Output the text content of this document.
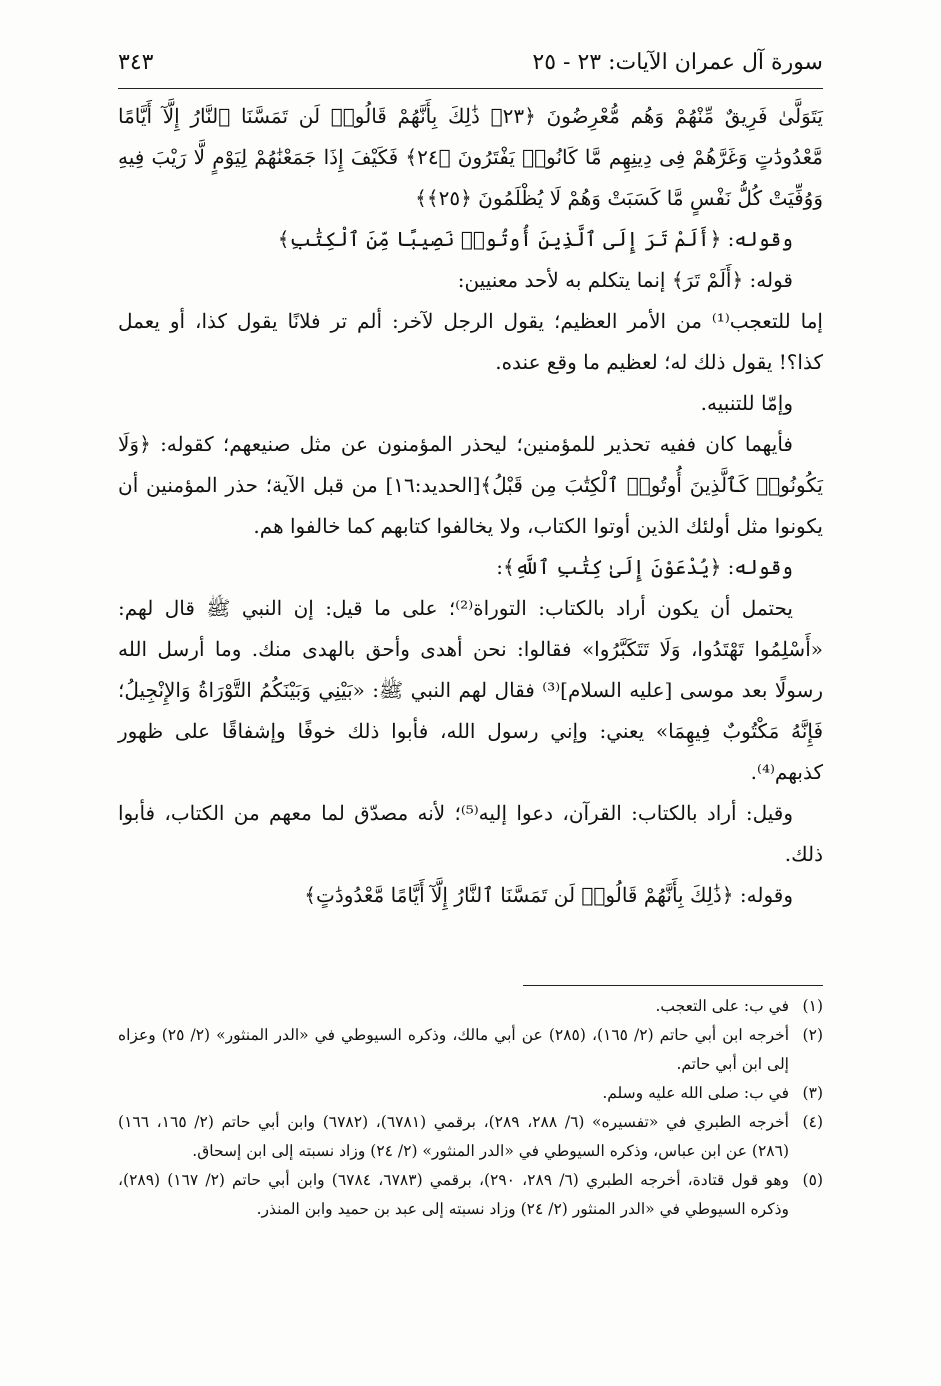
٣٤٣	سورة آل عمران الآيات: ٢٣ - ٢٥

يَتَوَلَّىٰ فَرِيقٌ مِّنْهُمْ وَهُم مُّعْرِضُونَ ﴿٢٣﴾ ذَٰلِكَ بِأَنَّهُمْ قَالُوا۟ لَن تَمَسَّنَا ٱلنَّارُ إِلَّآ أَيَّامًا مَّعْدُودَٰتٍ وَغَرَّهُمْ فِى دِينِهِم مَّا كَانُوا۟ يَفْتَرُونَ ﴿٢٤﴾ فَكَيْفَ إِذَا جَمَعْنَٰهُمْ لِيَوْمٍ لَّا رَيْبَ فِيهِ وَوُفِّيَتْ كُلُّ نَفْسٍ مَّا كَسَبَتْ وَهُمْ لَا يُظْلَمُونَ ﴿٢٥﴾﴾

وقوله: ﴿أَلَمْ تَرَ إِلَى ٱلَّذِينَ أُوتُوا۟ نَصِيبًا مِّنَ ٱلْكِتَٰبِ﴾

قوله: ﴿أَلَمْ تَرَ﴾ إنما يتكلم به لأحد معنيين:

إما للتعجب⁽¹⁾ من الأمر العظيم؛ يقول الرجل لآخر: ألم تر فلانًا يقول كذا، أو يعمل كذا؟! يقول ذلك له؛ لعظيم ما وقع عنده.

وإمّا للتنبيه.

فأيهما كان ففيه تحذير للمؤمنين؛ ليحذر المؤمنون عن مثل صنيعهم؛ كقوله: ﴿وَلَا يَكُونُوا۟ كَٱلَّذِينَ أُوتُوا۟ ٱلْكِتَٰبَ مِن قَبْلُ﴾[الحديد:١٦] من قبل الآية؛ حذر المؤمنين أن يكونوا مثل أولئك الذين أوتوا الكتاب، ولا يخالفوا كتابهم كما خالفوا هم.

وقوله: ﴿يُدْعَوْنَ إِلَىٰ كِتَٰبِ ٱللَّهِ﴾:

يحتمل أن يكون أراد بالكتاب: التوراة⁽²⁾؛ على ما قيل: إن النبي ﷺ قال لهم: «أَسْلِمُوا تَهْتَدُوا، وَلَا تَتَكَبَّرُوا» فقالوا: نحن أهدى وأحق بالهدى منك. وما أرسل الله رسولًا بعد موسى [عليه السلام]⁽³⁾ فقال لهم النبي ﷺ: «بَيْنِي وَبَيْنَكُمُ التَّوْرَاةُ وَالإِنْجِيلُ؛ فَإِنَّهُ مَكْتُوبٌ فِيهِمَا» يعني: وإني رسول الله، فأبوا ذلك خوفًا وإشفاقًا على ظهور كذبهم⁽⁴⁾.

وقيل: أراد بالكتاب: القرآن، دعوا إليه⁽⁵⁾؛ لأنه مصدّق لما معهم من الكتاب، فأبوا ذلك.

وقوله: ﴿ذَٰلِكَ بِأَنَّهُمْ قَالُوا۟ لَن تَمَسَّنَا ٱلنَّارُ إِلَّآ أَيَّامًا مَّعْدُودَٰتٍ﴾

(١)
في ب: على التعجب.
(٢)
أخرجه ابن أبي حاتم (٢/ ١٦٥)، (٢٨٥) عن أبي مالك، وذكره السيوطي في «الدر المنثور» (٢/ ٢٥) وعزاه إلى ابن أبي حاتم.
(٣)
في ب: صلى الله عليه وسلم.
(٤)
أخرجه الطبري في «تفسيره» (٦/ ٢٨٨، ٢٨٩)، برقمي (٦٧٨١)، (٦٧٨٢) وابن أبي حاتم (٢/ ١٦٥، ١٦٦) (٢٨٦) عن ابن عباس، وذكره السيوطي في «الدر المنثور» (٢/ ٢٤) وزاد نسبته إلى ابن إسحاق.
(٥)
وهو قول قتادة، أخرجه الطبري (٦/ ٢٨٩، ٢٩٠)، برقمي (٦٧٨٣، ٦٧٨٤) وابن أبي حاتم (٢/ ١٦٧) (٢٨٩)، وذكره السيوطي في «الدر المنثور (٢/ ٢٤) وزاد نسبته إلى عبد بن حميد وابن المنذر.
